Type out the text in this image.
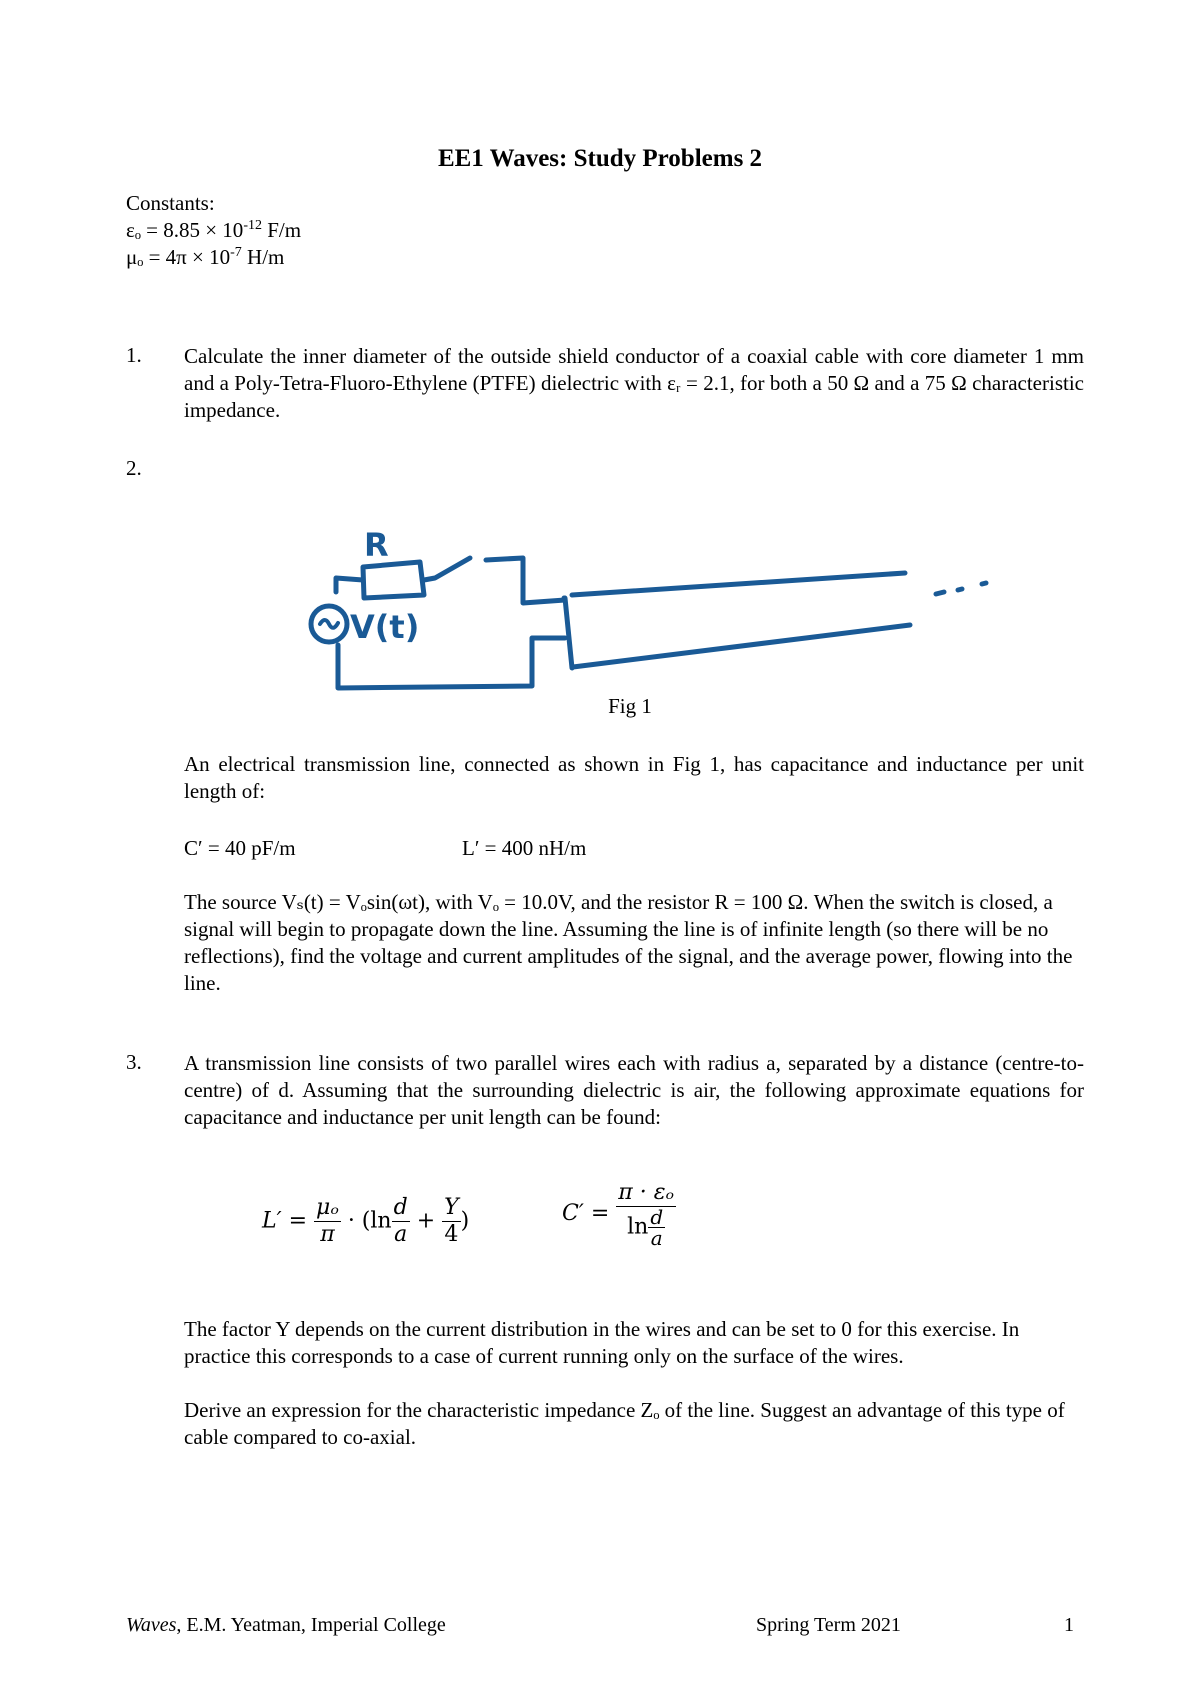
EE1 Waves: Study Problems 2
Constants:
$\varepsilon_o = 8.85 \times 10^{-12}$ F/m
$\mu_o = 4\pi \times 10^{-7}$ H/m
1. Calculate the inner diameter of the outside shield conductor of a coaxial cable with core diameter 1 mm and a Poly-Tetra-Fluoro-Ethylene (PTFE) dielectric with εᵣ = 2.1, for both a 50 Ω and a 75 Ω characteristic impedance.
2.
R
V(t)
Fig 1
An electrical transmission line, connected as shown in Fig 1, has capacitance and inductance per unit length of:
C′ = 40 pF/m	L′ = 400 nH/m
The source Vₛ(t) = Vₒsin(ωt), with Vₒ = 10.0V, and the resistor R = 100 Ω. When the switch is closed, a signal will begin to propagate down the line. Assuming the line is of infinite length (so there will be no reflections), find the voltage and current amplitudes of the signal, and the average power, flowing into the line.
3. A transmission line consists of two parallel wires each with radius a, separated by a distance (centre-to-centre) of d. Assuming that the surrounding dielectric is air, the following approximate equations for capacitance and inductance per unit length can be found:
$L' = \frac{\text{μₒ}}{\pi} \cdot (\ln \frac{d}{a} + \frac{Y}{4}$ )	$C' = \frac{\text{π · εₒ}}{\ln \frac{d}{a}}$
The factor Y depends on the current distribution in the wires and can be set to 0 for this exercise. In practice this corresponds to a case of current running only on the surface of the wires.
Derive an expression for the characteristic impedance Zₒ of the line. Suggest an advantage of this type of cable compared to co-axial.
Waves, E.M. Yeatman, Imperial College	Spring Term 2021	1
